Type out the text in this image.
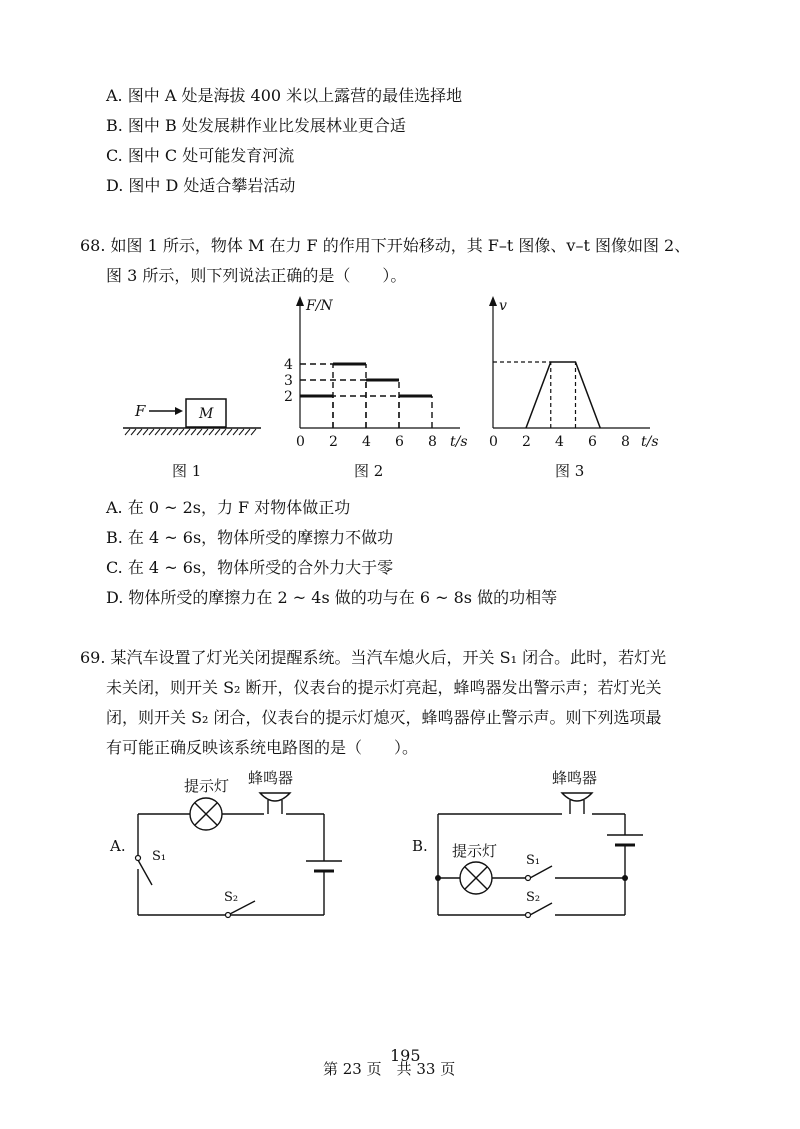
A. 图中 A 处是海拔 400 米以上露营的最佳选择地
B. 图中 B 处发展耕作业比发展林业更合适
C. 图中 C 处可能发育河流
D. 图中 D 处适合攀岩活动
68. 如图 1 所示，物体 M 在力 F 的作用下开始移动，其 F–t 图像、v–t 图像如图 2、
图 3 所示，则下列说法正确的是（　　）。
F	M
图 1
F/N
t/s
0 2 4 6 8
2
3
4
图 2
v
t/s
0 2 4 6 8
图 3
A. 在 0 ~ 2s，力 F 对物体做正功
B. 在 4 ~ 6s，物体所受的摩擦力不做功
C. 在 4 ~ 6s，物体所受的合外力大于零
D. 物体所受的摩擦力在 2 ~ 4s 做的功与在 6 ~ 8s 做的功相等
69. 某汽车设置了灯光关闭提醒系统。当汽车熄火后，开关 S₁ 闭合。此时，若灯光
未关闭，则开关 S₂ 断开，仪表台的提示灯亮起，蜂鸣器发出警示声；若灯光关
闭，则开关 S₂ 闭合，仪表台的提示灯熄灭，蜂鸣器停止警示声。则下列选项最
有可能正确反映该系统电路图的是（　　）。
A.
提示灯 蜂鸣器
S₁
S₂
B.
蜂鸣器
提示灯
S₁
S₂
第 23 页　共 33 页
195
